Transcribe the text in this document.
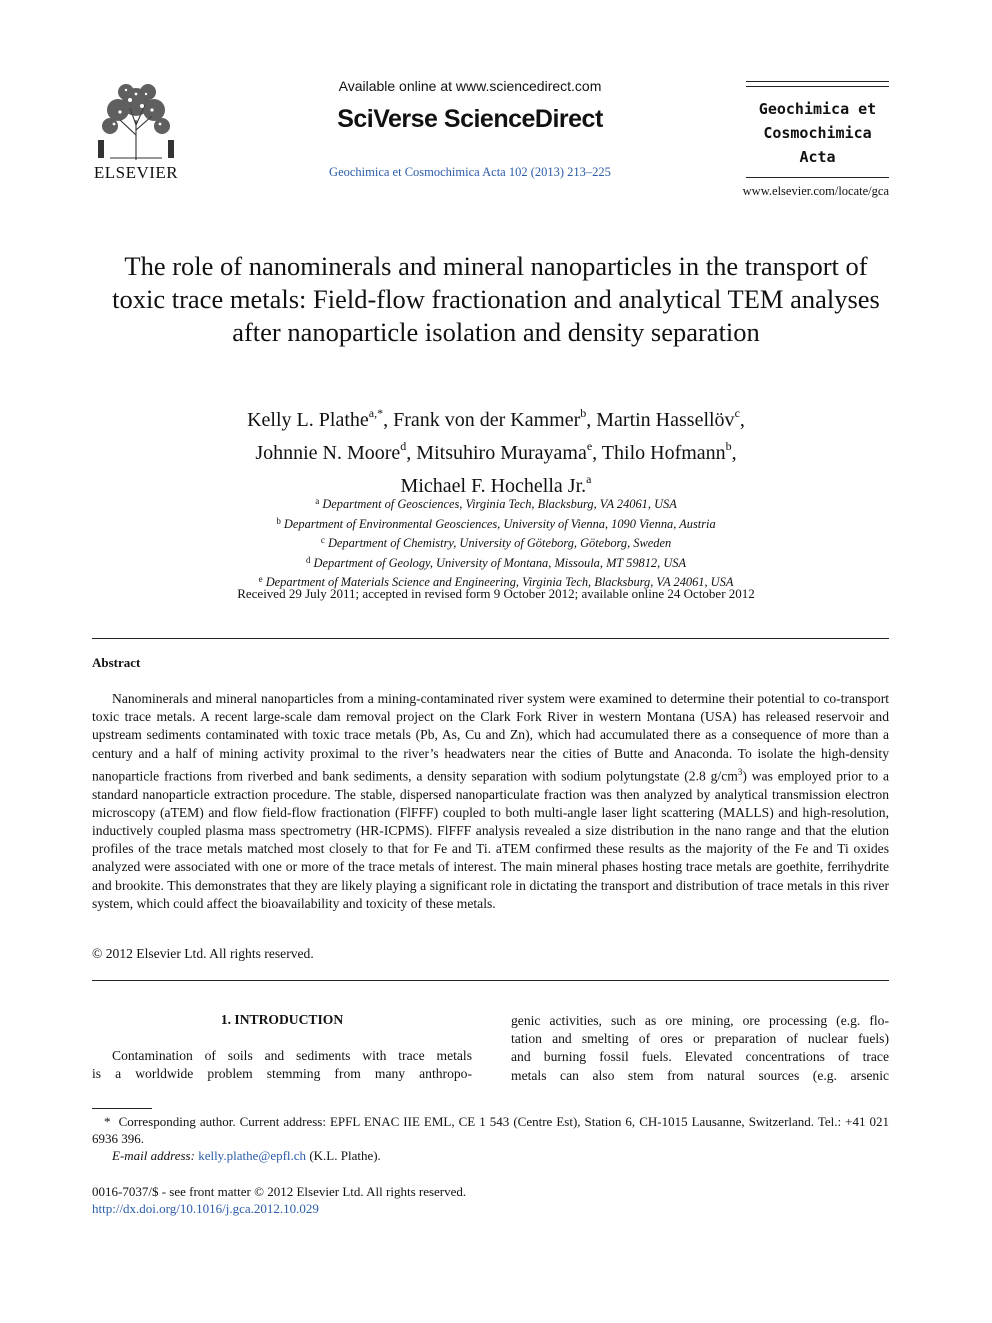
ELSEVIER
Available online at www.sciencedirect.com
SciVerse ScienceDirect
Geochimica et Cosmochimica Acta 102 (2013) 213–225
Geochimica et
Cosmochimica
Acta
www.elsevier.com/locate/gca
The role of nanominerals and mineral nanoparticles in the transport of toxic trace metals: Field-flow fractionation and analytical TEM analyses after nanoparticle isolation and density separation
Kelly L. Plathe$^{a,*}$, Frank von der Kammer$^b$, Martin Hassellöv$^c$,
Johnnie N. Moore$^d$, Mitsuhiro Murayama$^e$, Thilo Hofmann$^b$,
Michael F. Hochella Jr.$^a$
$^a$ Department of Geosciences, Virginia Tech, Blacksburg, VA 24061, USA
$^b$ Department of Environmental Geosciences, University of Vienna, 1090 Vienna, Austria
$^c$ Department of Chemistry, University of Göteborg, Göteborg, Sweden
$^d$ Department of Geology, University of Montana, Missoula, MT 59812, USA
$^e$ Department of Materials Science and Engineering, Virginia Tech, Blacksburg, VA 24061, USA
Received 29 July 2011; accepted in revised form 9 October 2012; available online 24 October 2012
Abstract
Nanominerals and mineral nanoparticles from a mining-contaminated river system were examined to determine their potential to co-transport toxic trace metals. A recent large-scale dam removal project on the Clark Fork River in western Montana (USA) has released reservoir and upstream sediments contaminated with toxic trace metals (Pb, As, Cu and Zn), which had accumulated there as a consequence of more than a century and a half of mining activity proximal to the river’s headwaters near the cities of Butte and Anaconda. To isolate the high-density nanoparticle fractions from riverbed and bank sediments, a density separation with sodium polytungstate (2.8 $g/cm^3$) was employed prior to a standard nanoparticle extraction procedure. The stable, dispersed nanoparticulate fraction was then analyzed by analytical transmission electron microscopy (aTEM) and flow field-flow fractionation (FlFFF) coupled to both multi-angle laser light scattering (MALLS) and high-resolution, inductively coupled plasma mass spectrometry (HR-ICPMS). FlFFF analysis revealed a size distribution in the nano range and that the elution profiles of the trace metals matched most closely to that for Fe and Ti. aTEM confirmed these results as the majority of the Fe and Ti oxides analyzed were associated with one or more of the trace metals of interest. The main mineral phases hosting trace metals are goethite, ferrihydrite and brookite. This demonstrates that they are likely playing a significant role in dictating the transport and distribution of trace metals in this river system, which could affect the bioavailability and toxicity of these metals.
© 2012 Elsevier Ltd. All rights reserved.
1. INTRODUCTION
Contamination of soils and sediments with trace metals
is a worldwide problem stemming from many anthropo-
genic activities, such as ore mining, ore processing (e.g. flo-
tation and smelting of ores or preparation of nuclear fuels)
and burning fossil fuels. Elevated concentrations of trace
metals can also stem from natural sources (e.g. arsenic
* Corresponding author. Current address: EPFL ENAC IIE EML, CE 1 543 (Centre Est), Station 6, CH-1015 Lausanne, Switzerland. Tel.: +41 021 6936 396.
E-mail address: kelly.plathe@epfl.ch (K.L. Plathe).
0016-7037/$ - see front matter © 2012 Elsevier Ltd. All rights reserved.
http://dx.doi.org/10.1016/j.gca.2012.10.029
